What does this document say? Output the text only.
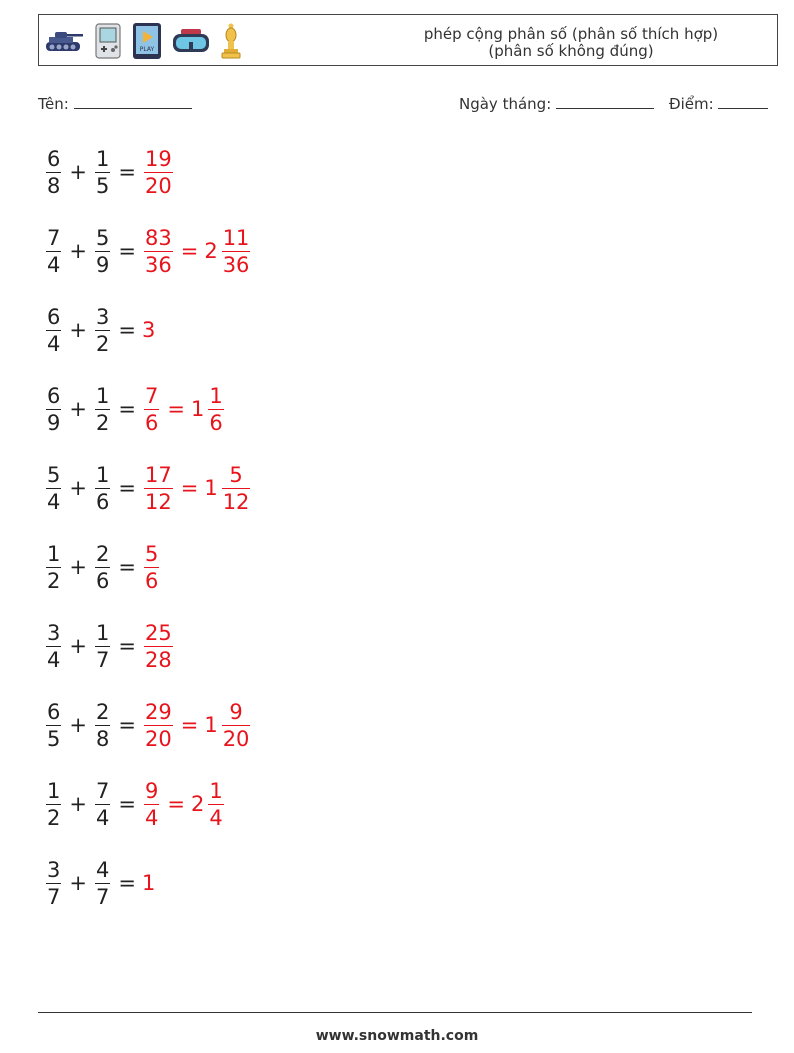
PLAY
phép cộng phân số (phân số thích hợp)
(phân số không đúng)
Tên:	Ngày tháng:	Điểm:
$\frac{6}{8} + \frac{1}{5} = \frac{19}{20}$
$\frac{7}{4} + \frac{5}{9} = \frac{83}{36} = 2 \frac{11}{36}$
$\frac{6}{4} + \frac{3}{2} = 3$
$\frac{6}{9} + \frac{1}{2} = \frac{7}{6} = 1 \frac{1}{6}$
$\frac{5}{4} + \frac{1}{6} = \frac{17}{12} = 1 \frac{5}{12}$
$\frac{1}{2} + \frac{2}{6} = \frac{5}{6}$
$\frac{3}{4} + \frac{1}{7} = \frac{25}{28}$
$\frac{6}{5} + \frac{2}{8} = \frac{29}{20} = 1 \frac{9}{20}$
$\frac{1}{2} + \frac{7}{4} = \frac{9}{4} = 2 \frac{1}{4}$
$\frac{3}{7} + \frac{4}{7} = 1$
www.snowmath.com
